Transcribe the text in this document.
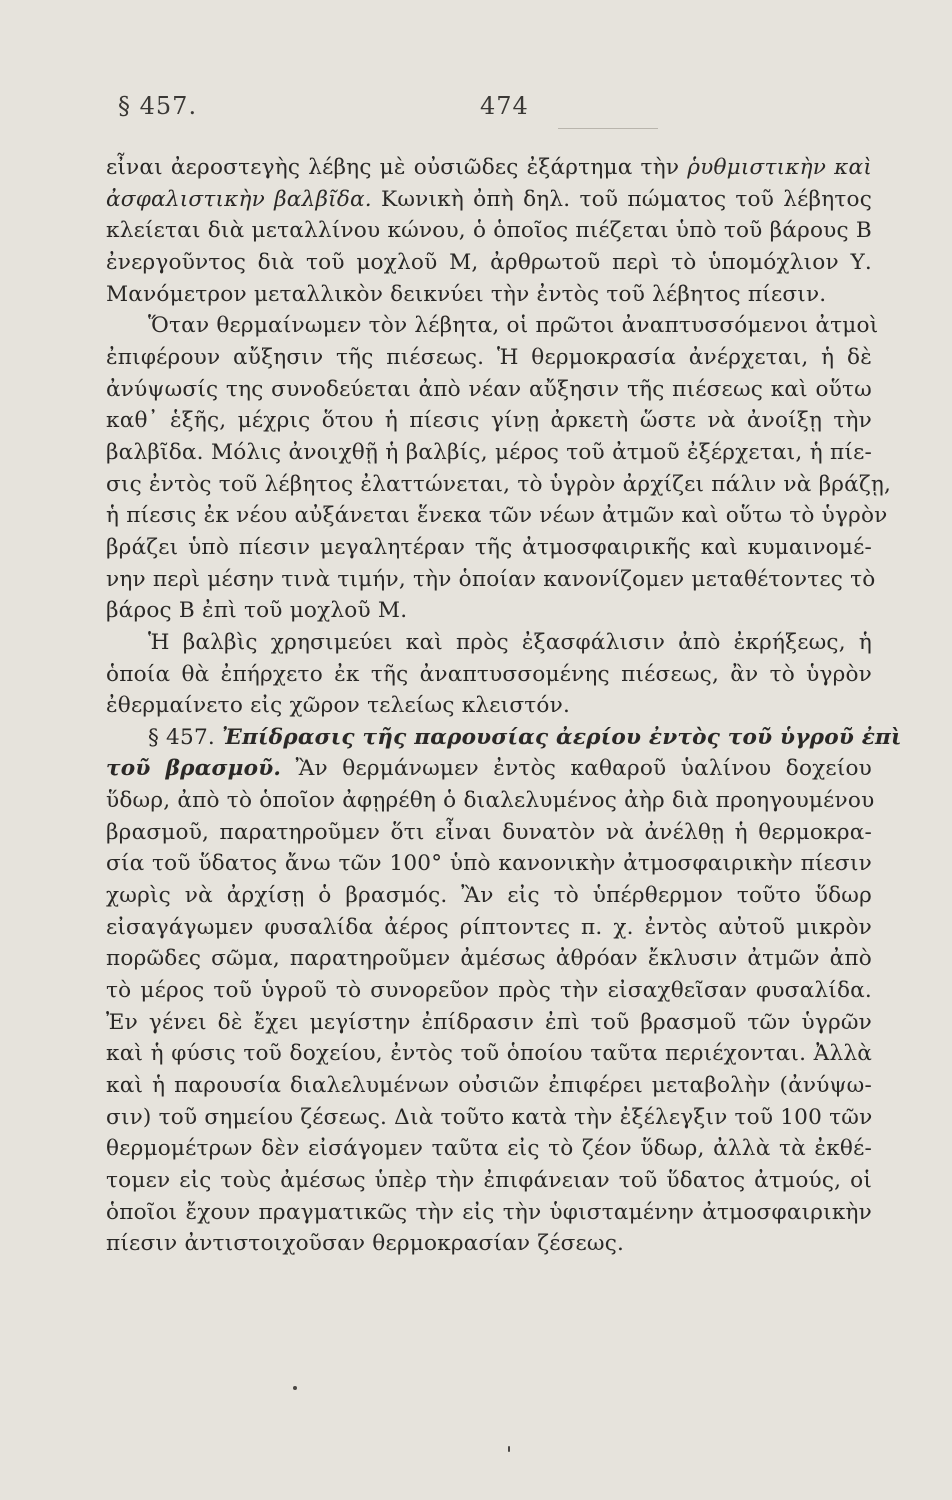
§ 457.	474
εἶναι ἀεροστεγὴς λέβης μὲ οὐσιῶδες ἐξάρτημα τὴν ῥυθμιστικὴν καὶ
ἀσφαλιστικὴν βαλβῖδα. Κωνικὴ ὀπὴ δηλ. τοῦ πώματος τοῦ λέβητος
κλείεται διὰ μεταλλίνου κώνου, ὁ ὁποῖος πιέζεται ὑπὸ τοῦ βάρους Β
ἐνεργοῦντος διὰ τοῦ μοχλοῦ Μ, ἀρθρωτοῦ περὶ τὸ ὑπομόχλιον Υ.
Μανόμετρον μεταλλικὸν δεικνύει τὴν ἐντὸς τοῦ λέβητος πίεσιν.
Ὅταν θερμαίνωμεν τὸν λέβητα, οἱ πρῶτοι ἀναπτυσσόμενοι ἀτμοὶ
ἐπιφέρουν αὔξησιν τῆς πιέσεως. Ἡ θερμοκρασία ἀνέρχεται, ἡ δὲ
ἀνύψωσίς της συνοδεύεται ἀπὸ νέαν αὔξησιν τῆς πιέσεως καὶ οὕτω
καθ᾽ ἑξῆς, μέχρις ὅτου ἡ πίεσις γίνῃ ἀρκετὴ ὥστε νὰ ἀνοίξῃ τὴν
βαλβῖδα. Μόλις ἀνοιχθῇ ἡ βαλβίς, μέρος τοῦ ἀτμοῦ ἐξέρχεται, ἡ πίε-
σις ἐντὸς τοῦ λέβητος ἐλαττώνεται, τὸ ὑγρὸν ἀρχίζει πάλιν νὰ βράζῃ,
ἡ πίεσις ἐκ νέου αὐξάνεται ἕνεκα τῶν νέων ἀτμῶν καὶ οὕτω τὸ ὑγρὸν
βράζει ὑπὸ πίεσιν μεγαλητέραν τῆς ἀτμοσφαιρικῆς καὶ κυμαινομέ-
νην περὶ μέσην τινὰ τιμήν, τὴν ὁποίαν κανονίζομεν μεταθέτοντες τὸ
βάρος Β ἐπὶ τοῦ μοχλοῦ Μ.
Ἡ βαλβὶς χρησιμεύει καὶ πρὸς ἐξασφάλισιν ἀπὸ ἐκρήξεως, ἡ
ὁποία θὰ ἐπήρχετο ἐκ τῆς ἀναπτυσσομένης πιέσεως, ἂν τὸ ὑγρὸν
ἐθερμαίνετο εἰς χῶρον τελείως κλειστόν.
§ 457. Ἐπίδρασις τῆς παρουσίας ἀερίου ἐντὸς τοῦ ὑγροῦ ἐπὶ
τοῦ βρασμοῦ. Ἂν θερμάνωμεν ἐντὸς καθαροῦ ὑαλίνου δοχείου
ὕδωρ, ἀπὸ τὸ ὁποῖον ἀφῃρέθη ὁ διαλελυμένος ἀὴρ διὰ προηγουμένου
βρασμοῦ, παρατηροῦμεν ὅτι εἶναι δυνατὸν νὰ ἀνέλθῃ ἡ θερμοκρα-
σία τοῦ ὕδατος ἄνω τῶν 100° ὑπὸ κανονικὴν ἀτμοσφαιρικὴν πίεσιν
χωρὶς νὰ ἀρχίσῃ ὁ βρασμός. Ἂν εἰς τὸ ὑπέρθερμον τοῦτο ὕδωρ
εἰσαγάγωμεν φυσαλίδα ἀέρος ρίπτοντες π. χ. ἐντὸς αὐτοῦ μικρὸν
πορῶδες σῶμα, παρατηροῦμεν ἀμέσως ἀθρόαν ἔκλυσιν ἀτμῶν ἀπὸ
τὸ μέρος τοῦ ὑγροῦ τὸ συνορεῦον πρὸς τὴν εἰσαχθεῖσαν φυσαλίδα.
Ἐν γένει δὲ ἔχει μεγίστην ἐπίδρασιν ἐπὶ τοῦ βρασμοῦ τῶν ὑγρῶν
καὶ ἡ φύσις τοῦ δοχείου, ἐντὸς τοῦ ὁποίου ταῦτα περιέχονται. Ἀλλὰ
καὶ ἡ παρουσία διαλελυμένων οὐσιῶν ἐπιφέρει μεταβολὴν (ἀνύψω-
σιν) τοῦ σημείου ζέσεως. Διὰ τοῦτο κατὰ τὴν ἐξέλεγξιν τοῦ 100 τῶν
θερμομέτρων δὲν εἰσάγομεν ταῦτα εἰς τὸ ζέον ὕδωρ, ἀλλὰ τὰ ἐκθέ-
τομεν εἰς τοὺς ἀμέσως ὑπὲρ τὴν ἐπιφάνειαν τοῦ ὕδατος ἀτμούς, οἱ
ὁποῖοι ἔχουν πραγματικῶς τὴν εἰς τὴν ὑφισταμένην ἀτμοσφαιρικὴν
πίεσιν ἀντιστοιχοῦσαν θερμοκρασίαν ζέσεως.
